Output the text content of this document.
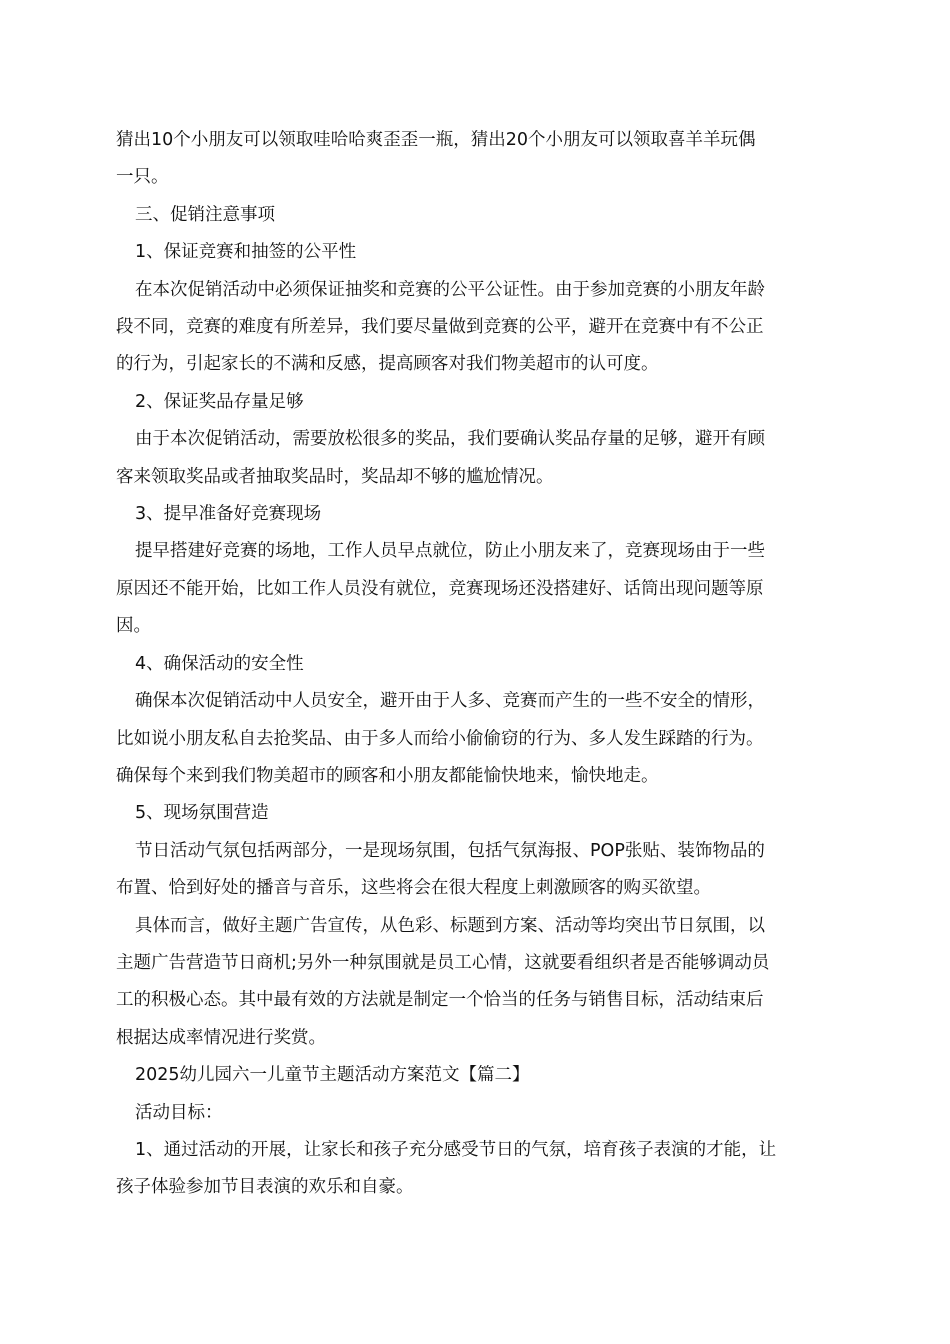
猜出10个小朋友可以领取哇哈哈爽歪歪一瓶，猜出20个小朋友可以领取喜羊羊玩偶
一只。

三、促销注意事项

1、保证竞赛和抽签的公平性

在本次促销活动中必须保证抽奖和竞赛的公平公证性。由于参加竞赛的小朋友年龄
段不同，竞赛的难度有所差异，我们要尽量做到竞赛的公平，避开在竞赛中有不公正
的行为，引起家长的不满和反感，提高顾客对我们物美超市的认可度。

2、保证奖品存量足够

由于本次促销活动，需要放松很多的奖品，我们要确认奖品存量的足够，避开有顾
客来领取奖品或者抽取奖品时，奖品却不够的尴尬情况。

3、提早准备好竞赛现场

提早搭建好竞赛的场地，工作人员早点就位，防止小朋友来了，竞赛现场由于一些
原因还不能开始，比如工作人员没有就位，竞赛现场还没搭建好、话筒出现问题等原
因。

4、确保活动的安全性

确保本次促销活动中人员安全，避开由于人多、竞赛而产生的一些不安全的情形，
比如说小朋友私自去抢奖品、由于多人而给小偷偷窃的行为、多人发生踩踏的行为。
确保每个来到我们物美超市的顾客和小朋友都能愉快地来，愉快地走。

5、现场氛围营造

节日活动气氛包括两部分，一是现场氛围，包括气氛海报、POP张贴、装饰物品的
布置、恰到好处的播音与音乐，这些将会在很大程度上刺激顾客的购买欲望。

具体而言，做好主题广告宣传，从色彩、标题到方案、活动等均突出节日氛围，以
主题广告营造节日商机;另外一种氛围就是员工心情，这就要看组织者是否能够调动员
工的积极心态。其中最有效的方法就是制定一个恰当的任务与销售目标，活动结束后
根据达成率情况进行奖赏。

2025幼儿园六一儿童节主题活动方案范文【篇二】

活动目标：

1、通过活动的开展，让家长和孩子充分感受节日的气氛，培育孩子表演的才能，让
孩子体验参加节目表演的欢乐和自豪。
